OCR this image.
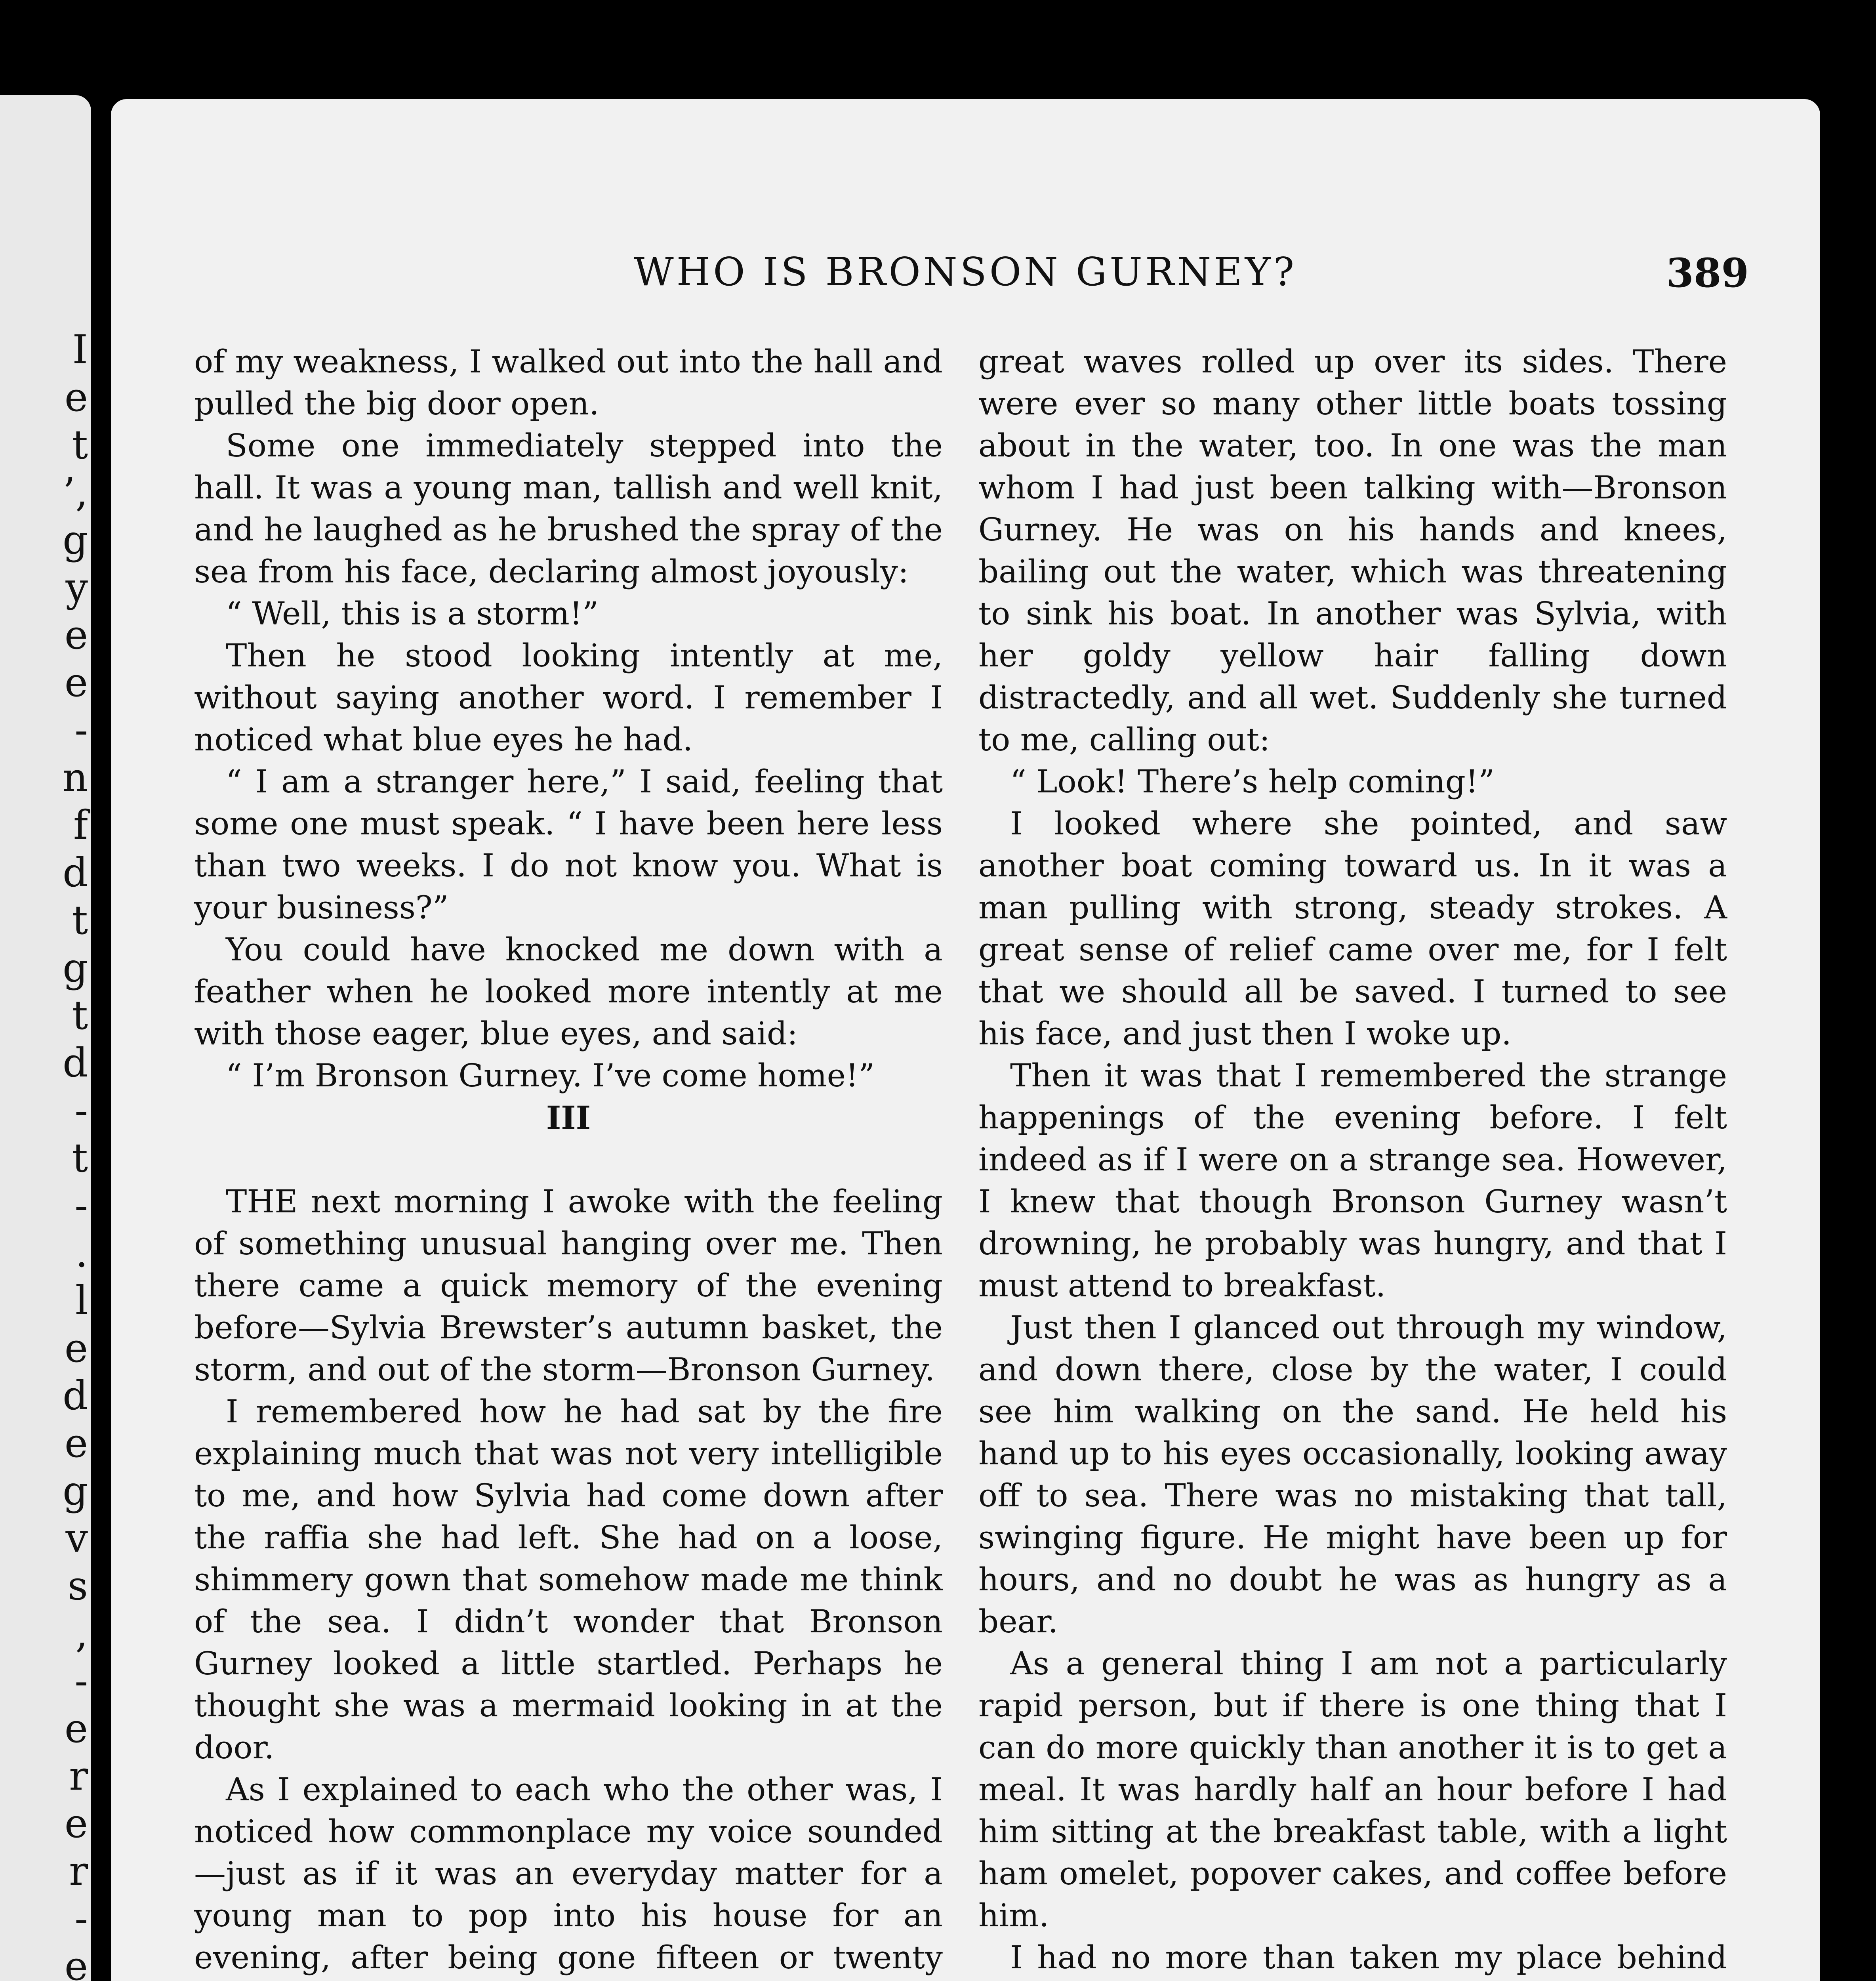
I
e
t
’,
g
y
e
e
-
n
f
d
t
g
t
d
-
t
-
.
l
e
d
e
g
v
s
,
-
e
r
e
r
-
e
WHO IS BRONSON GURNEY?	389

of my weakness, I walked out into the hall and pulled the big door open.

Some one immediately stepped into the hall. It was a young man, tallish and well knit, and he laughed as he brushed the spray of the sea from his face, declaring almost joyously:

“ Well, this is a storm!”

Then he stood looking intently at me, without saying another word. I remember I noticed what blue eyes he had.

“ I am a stranger here,” I said, feeling that some one must speak. “ I have been here less than two weeks. I do not know you. What is your business?”

You could have knocked me down with a feather when he looked more intently at me with those eager, blue eyes, and said:

“ I’m Bronson Gurney. I’ve come home!”

III

THE next morning I awoke with the feeling of something unusual hanging over me. Then there came a quick memory of the evening before—Sylvia Brewster’s autumn basket, the storm, and out of the storm—Bronson Gurney.

I remembered how he had sat by the fire explaining much that was not very intelligible to me, and how Sylvia had come down after the raffia she had left. She had on a loose, shimmery gown that somehow made me think of the sea. I didn’t wonder that Bronson Gurney looked a little startled. Perhaps he thought she was a mermaid looking in at the door.

As I explained to each who the other was, I noticed how commonplace my voice sounded—just as if it was an everyday matter for a young man to pop into his house for an evening, after being gone fifteen or twenty

great waves rolled up over its sides. There were ever so many other little boats tossing about in the water, too. In one was the man whom I had just been talking with—Bronson Gurney. He was on his hands and knees, bailing out the water, which was threatening to sink his boat. In another was Sylvia, with her goldy yellow hair falling down distractedly, and all wet. Suddenly she turned to me, calling out:

“ Look! There’s help coming!”

I looked where she pointed, and saw another boat coming toward us. In it was a man pulling with strong, steady strokes. A great sense of relief came over me, for I felt that we should all be saved. I turned to see his face, and just then I woke up.

Then it was that I remembered the strange happenings of the evening before. I felt indeed as if I were on a strange sea. However, I knew that though Bronson Gurney wasn’t drowning, he probably was hungry, and that I must attend to breakfast.

Just then I glanced out through my window, and down there, close by the water, I could see him walking on the sand. He held his hand up to his eyes occasionally, looking away off to sea. There was no mistaking that tall, swinging figure. He might have been up for hours, and no doubt he was as hungry as a bear.

As a general thing I am not a particularly rapid person, but if there is one thing that I can do more quickly than another it is to get a meal. It was hardly half an hour before I had him sitting at the breakfast table, with a light ham omelet, popover cakes, and coffee before him.

I had no more than taken my place behind
